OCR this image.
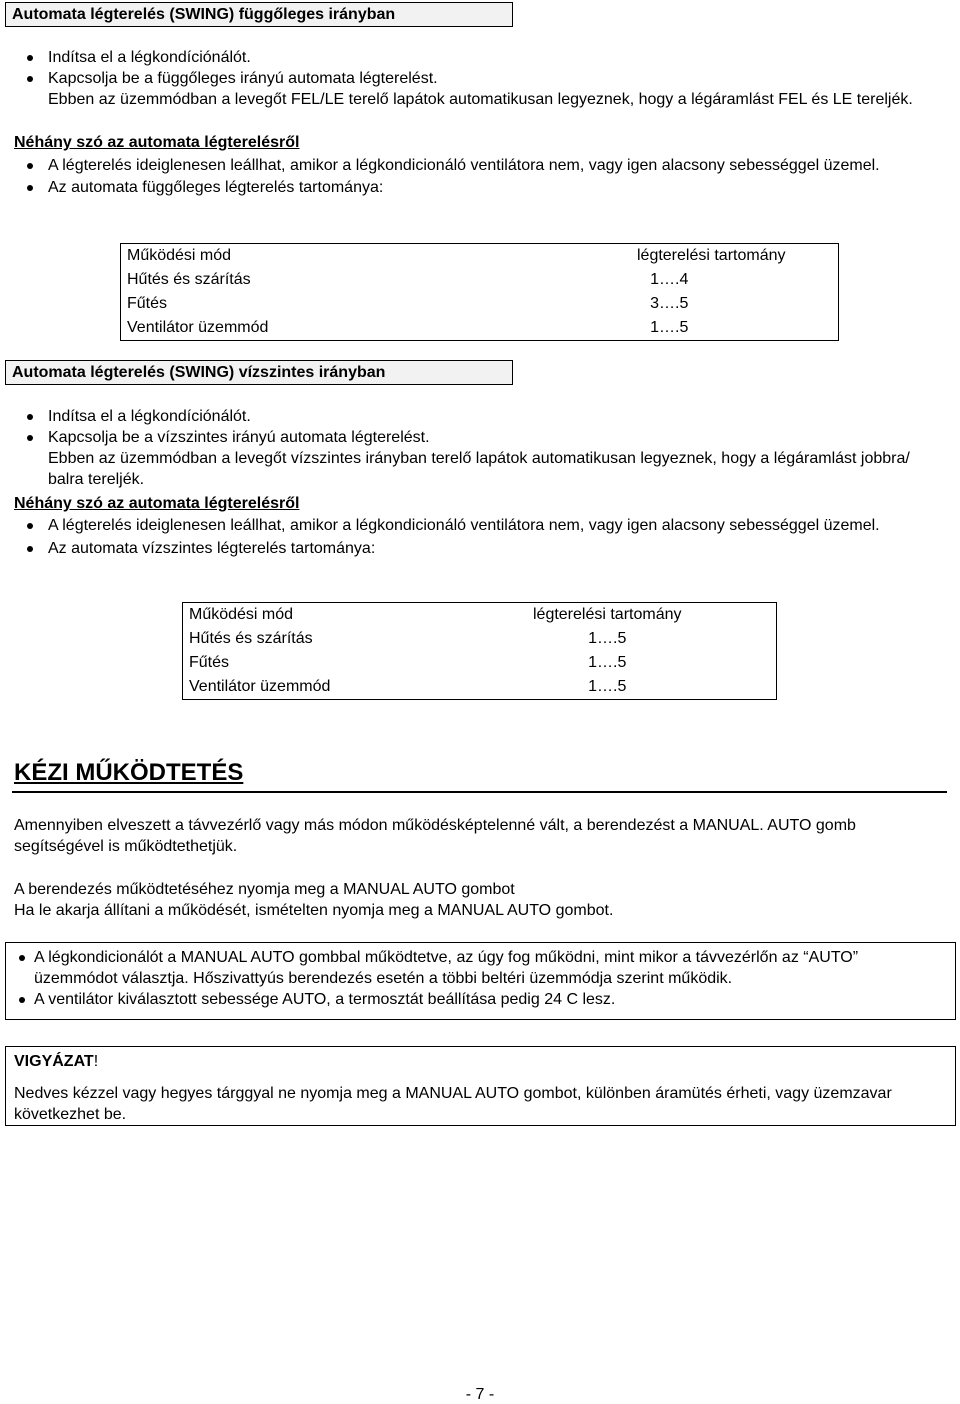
Automata légterelés (SWING) függőleges irányban
Indítsa el a légkondíciónálót.
Kapcsolja be a függőleges irányú automata légterelést.
Ebben az üzemmódban a levegőt FEL/LE terelő lapátok automatikusan legyeznek, hogy a légáramlást FEL és LE tereljék.
Néhány szó az automata légterelésről
A légterelés ideiglenesen leállhat, amikor a légkondicionáló ventilátora nem, vagy igen alacsony sebességgel üzemel.
Az automata függőleges légterelés tartománya:
Működési mód	légterelési tartomány
Hűtés és szárítás	1….4
Fűtés	3….5
Ventilátor üzemmód	1….5
Automata légterelés (SWING) vízszintes irányban
Indítsa el a légkondíciónálót.
Kapcsolja be a vízszintes irányú automata légterelést.
Ebben az üzemmódban a levegőt vízszintes irányban terelő lapátok automatikusan legyeznek, hogy a légáramlást jobbra/ balra tereljék.
Néhány szó az automata légterelésről
A légterelés ideiglenesen leállhat, amikor a légkondicionáló ventilátora nem, vagy igen alacsony sebességgel üzemel.
Az automata vízszintes légterelés tartománya:
Működési mód	légterelési tartomány
Hűtés és szárítás	1….5
Fűtés	1….5
Ventilátor üzemmód	1….5
KÉZI MŰKÖDTETÉS
Amennyiben elveszett a távvezérlő vagy más módon működésképtelenné vált, a berendezést a MANUAL. AUTO gomb segítségével is működtethetjük.
A berendezés működtetéséhez nyomja meg a MANUAL AUTO gombot
Ha le akarja állítani a működését, ismételten nyomja meg a MANUAL AUTO gombot.
A légkondicionálót a MANUAL AUTO gombbal működtetve, az úgy fog működni, mint mikor a távvezérlőn az “AUTO” üzemmódot választja. Hőszivattyús berendezés esetén a többi beltéri üzemmódja szerint működik.
A ventilátor kiválasztott sebessége AUTO, a termosztát beállítása pedig 24 C lesz.
VIGYÁZAT!
Nedves kézzel vagy hegyes tárggyal ne nyomja meg a MANUAL AUTO gombot, különben áramütés érheti, vagy üzemzavar következhet be.
- 7 -
